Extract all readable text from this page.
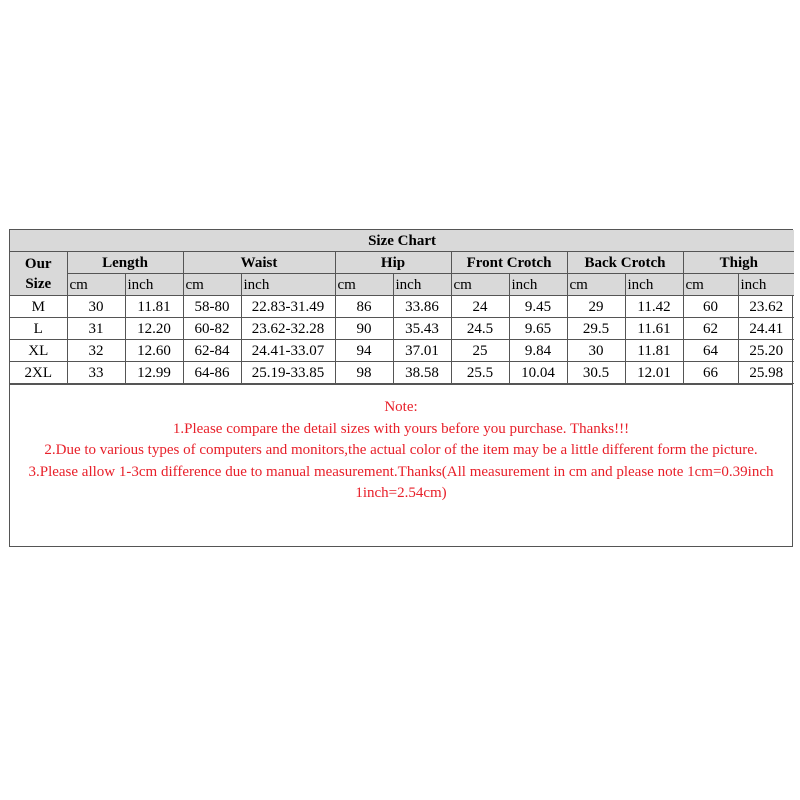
Size Chart												

Our
Size	Length		Waist		Hip		Front Crotch		Back Crotch		Thigh	
	cm	inch	cm	inch	cm	inch	cm	inch	cm	inch	cm	inch
M	30	11.81	58-80	22.83-31.49	86	33.86	24	9.45	29	11.42	60	23.62
L	31	12.20	60-82	23.62-32.28	90	35.43	24.5	9.65	29.5	11.61	62	24.41
XL	32	12.60	62-84	24.41-33.07	94	37.01	25	9.84	30	11.81	64	25.20
2XL	33	12.99	64-86	25.19-33.85	98	38.58	25.5	10.04	30.5	12.01	66	25.98

Note:

1.Please compare the detail sizes with yours before you purchase. Thanks!!!

2.Due to various types of computers and monitors,the actual color of the item may be a little different form the picture.

3.Please allow 1-3cm difference due to manual measurement.Thanks(All measurement in cm and please note 1cm=0.39inch 1inch=2.54cm)
